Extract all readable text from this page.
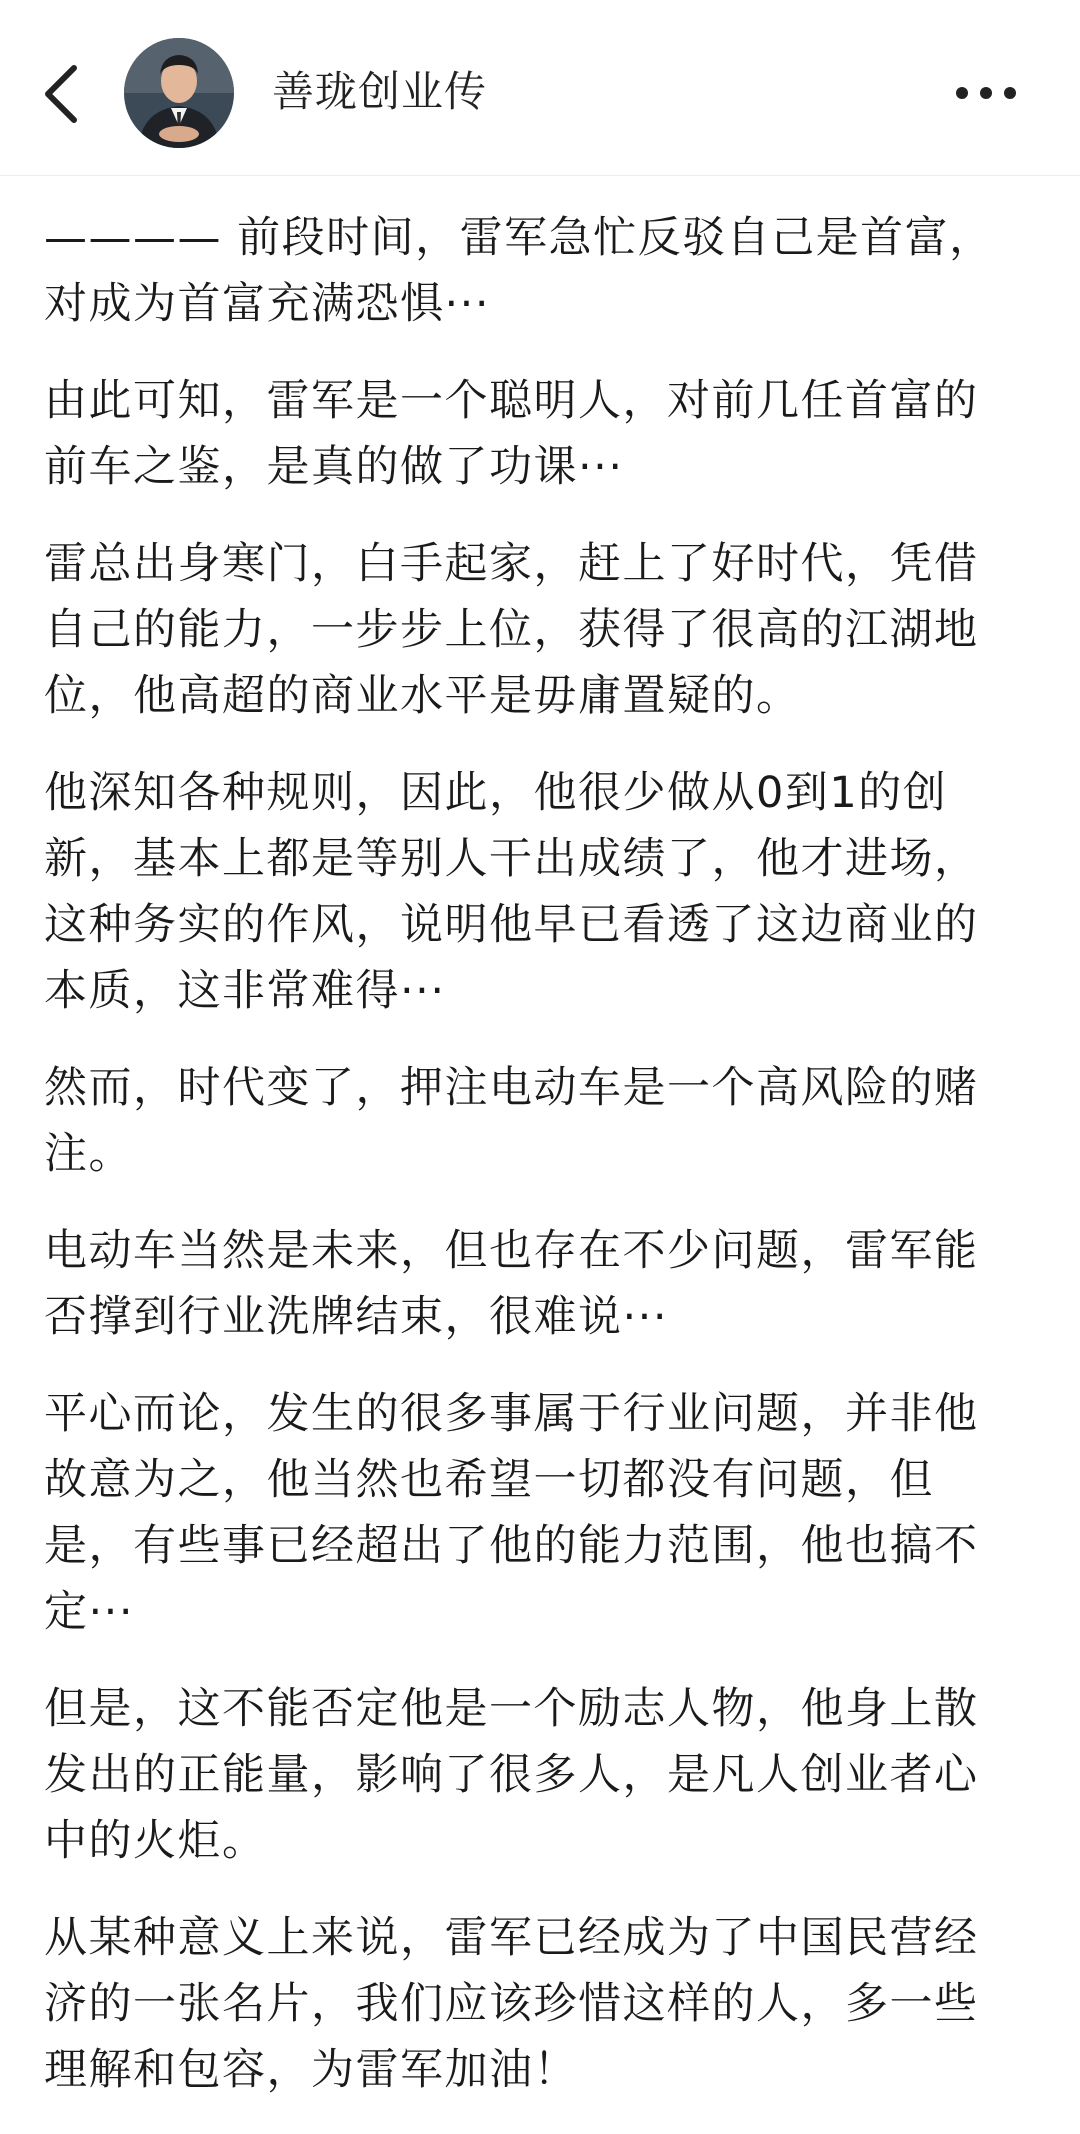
善珑创业传

———— 前段时间，雷军急忙反驳自己是首富，对成为首富充满恐惧···

由此可知，雷军是一个聪明人，对前几任首富的前车之鉴，是真的做了功课···

雷总出身寒门，白手起家，赶上了好时代，凭借自己的能力，一步步上位，获得了很高的江湖地位，他高超的商业水平是毋庸置疑的。

他深知各种规则，因此，他很少做从0到1的创新，基本上都是等别人干出成绩了，他才进场，这种务实的作风，说明他早已看透了这边商业的本质，这非常难得···

然而，时代变了，押注电动车是一个高风险的赌注。

电动车当然是未来，但也存在不少问题，雷军能否撑到行业洗牌结束，很难说···

平心而论，发生的很多事属于行业问题，并非他故意为之，他当然也希望一切都没有问题，但是，有些事已经超出了他的能力范围，他也搞不定···

但是，这不能否定他是一个励志人物，他身上散发出的正能量，影响了很多人，是凡人创业者心中的火炬。

从某种意义上来说，雷军已经成为了中国民营经济的一张名片，我们应该珍惜这样的人，多一些理解和包容，为雷军加油！
